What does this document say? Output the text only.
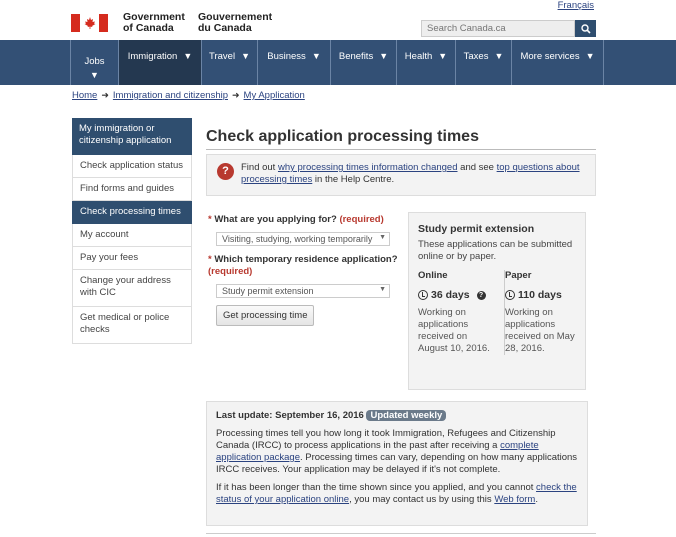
Français
Government
of Canada
Gouvernement
du Canada
Search Canada.ca
Jobs
▼
Immigration ▼ Travel ▼ Business ▼ Benefits ▼ Health ▼ Taxes ▼ More services ▼
Home ➜ Immigration and citizenship ➜ My Application
My immigration or citizenship application
Check application status
Find forms and guides
Check processing times
My account
Pay your fees
Change your address with CIC
Get medical or police checks
Check application processing times
?	Find out why processing times information changed and see top questions about processing times in the Help Centre.
* What are you applying for? (required)
Visiting, studying, working temporarily ▼
* Which temporary residence application?
(required)
Study permit extension	▼
Get processing time
Study permit extension
These applications can be submitted online or by paper.
Online
36 days	?
Working on applications received on August 10, 2016.
Paper
110 days
Working on applications received on May 28, 2016.
Last update: September 16, 2016 Updated weekly

Processing times tell you how long it took Immigration, Refugees and Citizenship Canada (IRCC) to process applications in the past after receiving a complete application package. Processing times can vary, depending on how many applications IRCC receives. Your application may be delayed if it's not complete.

If it has been longer than the time shown since you applied, and you cannot check the status of your application online, you may contact us by using this Web form.
